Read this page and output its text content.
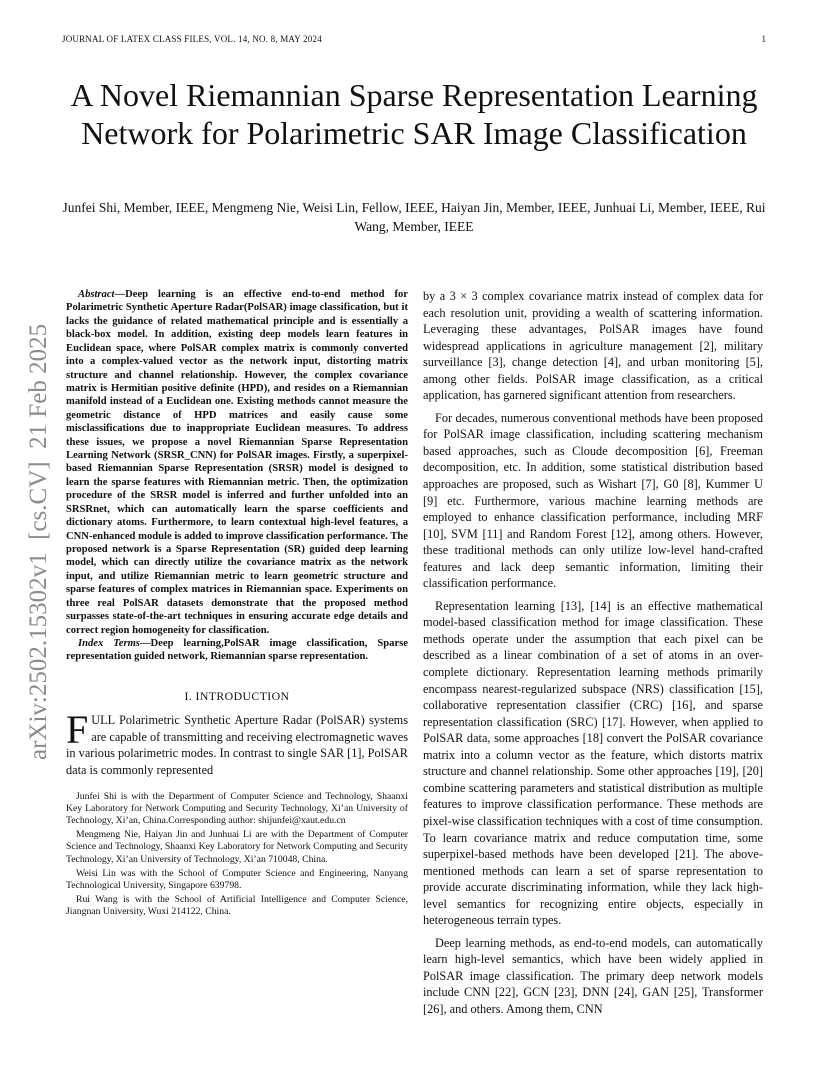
JOURNAL OF LATEX CLASS FILES, VOL. 14, NO. 8, MAY 2024	1
arXiv:2502.15302v1  [cs.CV]  21 Feb 2025
A Novel Riemannian Sparse Representation Learning Network for Polarimetric SAR Image Classification
Junfei Shi, Member, IEEE, Mengmeng Nie, Weisi Lin, Fellow, IEEE, Haiyan Jin, Member, IEEE, Junhuai Li, Member, IEEE, Rui Wang, Member, IEEE

Abstract—Deep learning is an effective end-to-end method for Polarimetric Synthetic Aperture Radar(PolSAR) image classification, but it lacks the guidance of related mathematical principle and is essentially a black-box model. In addition, existing deep models learn features in Euclidean space, where PolSAR complex matrix is commonly converted into a complex-valued vector as the network input, distorting matrix structure and channel relationship. However, the complex covariance matrix is Hermitian positive definite (HPD), and resides on a Riemannian manifold instead of a Euclidean one. Existing methods cannot measure the geometric distance of HPD matrices and easily cause some misclassifications due to inappropriate Euclidean measures. To address these issues, we propose a novel Riemannian Sparse Representation Learning Network (SRSR_CNN) for PolSAR images. Firstly, a superpixel-based Riemannian Sparse Representation (SRSR) model is designed to learn the sparse features with Riemannian metric. Then, the optimization procedure of the SRSR model is inferred and further unfolded into an SRSRnet, which can automatically learn the sparse coefficients and dictionary atoms. Furthermore, to learn contextual high-level features, a CNN-enhanced module is added to improve classification performance. The proposed network is a Sparse Representation (SR) guided deep learning model, which can directly utilize the covariance matrix as the network input, and utilize Riemannian metric to learn geometric structure and sparse features of complex matrices in Riemannian space. Experiments on three real PolSAR datasets demonstrate that the proposed method surpasses state-of-the-art techniques in ensuring accurate edge details and correct region homogeneity for classification.

Index Terms—Deep learning,PolSAR image classification, Sparse representation guided network, Riemannian sparse representation.

I. INTRODUCTION

FULL Polarimetric Synthetic Aperture Radar (PolSAR) systems are capable of transmitting and receiving electromagnetic waves in various polarimetric modes. In contrast to single SAR [1], PolSAR data is commonly represented

Junfei Shi is with the Department of Computer Science and Technology, Shaanxi Key Laboratory for Network Computing and Security Technology, Xi’an University of Technology, Xi’an, China.Corresponding author: shijunfei@xaut.edu.cn

Mengmeng Nie, Haiyan Jin and Junhuai Li are with the Department of Computer Science and Technology, Shaanxi Key Laboratory for Network Computing and Security Technology, Xi’an University of Technology, Xi’an 710048, China.

Weisi Lin was with the School of Computer Science and Engineering, Nanyang Technological University, Singapore 639798.

Rui Wang is with the School of Artificial Intelligence and Computer Science, Jiangnan University, Wuxi 214122, China.

by a 3 × 3 complex covariance matrix instead of complex data for each resolution unit, providing a wealth of scattering information. Leveraging these advantages, PolSAR images have found widespread applications in agriculture management [2], military surveillance [3], change detection [4], and urban monitoring [5], among other fields. PolSAR image classification, as a critical application, has garnered significant attention from researchers.

For decades, numerous conventional methods have been proposed for PolSAR image classification, including scattering mechanism based approaches, such as Cloude decomposition [6], Freeman decomposition, etc. In addition, some statistical distribution based approaches are proposed, such as Wishart [7], G0 [8], Kummer U [9] etc. Furthermore, various machine learning methods are employed to enhance classification performance, including MRF [10], SVM [11] and Random Forest [12], among others. However, these traditional methods can only utilize low-level hand-crafted features and lack deep semantic information, limiting their classification performance.

Representation learning [13], [14] is an effective mathematical model-based classification method for image classification. These methods operate under the assumption that each pixel can be described as a linear combination of a set of atoms in an over-complete dictionary. Representation learning methods primarily encompass nearest-regularized subspace (NRS) classification [15], collaborative representation classifier (CRC) [16], and sparse representation classification (SRC) [17]. However, when applied to PolSAR data, some approaches [18] convert the PolSAR covariance matrix into a column vector as the feature, which distorts matrix structure and channel relationship. Some other approaches [19], [20] combine scattering parameters and statistical distribution as multiple features to improve classification performance. These methods are pixel-wise classification techniques with a cost of time consumption. To learn covariance matrix and reduce computation time, some superpixel-based methods have been developed [21]. The above-mentioned methods can learn a set of sparse representation to provide accurate discriminating information, while they lack high-level semantics for recognizing entire objects, especially in heterogeneous terrain types.

Deep learning methods, as end-to-end models, can automatically learn high-level semantics, which have been widely applied in PolSAR image classification. The primary deep network models include CNN [22], GCN [23], DNN [24], GAN [25], Transformer [26], and others. Among them, CNN
